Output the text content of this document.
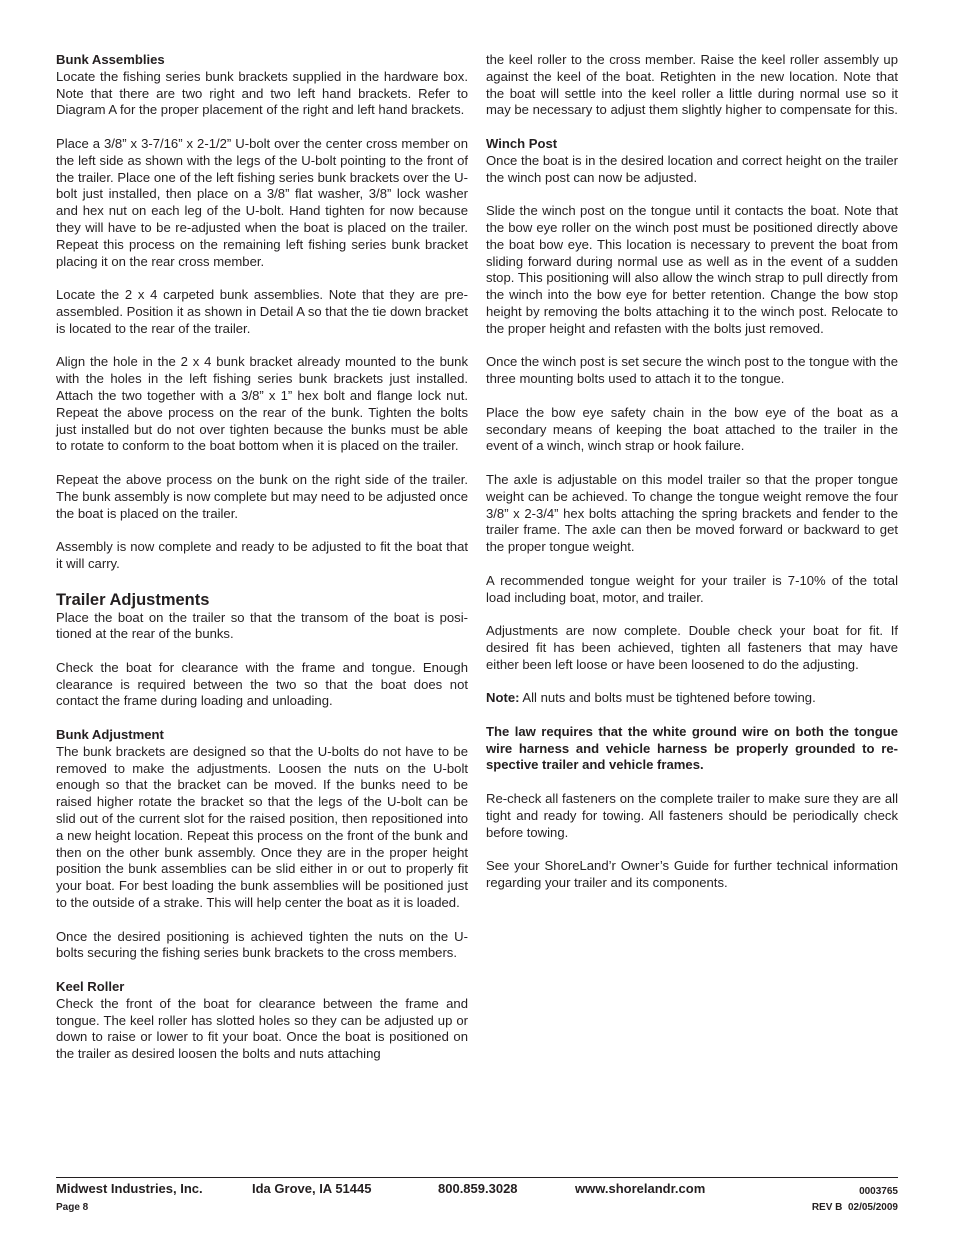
Bunk Assemblies
Locate the fishing series bunk brackets supplied in the hardware box. Note that there are two right and two left hand brackets. Refer to Diagram A for the proper placement of the right and left hand brackets.

Place a 3/8” x 3-7/16” x 2-1/2” U-bolt over the center cross member on the left side as shown with the legs of the U-bolt pointing to the front of the trailer. Place one of the left fishing series bunk brackets over the U-bolt just installed, then place on a 3/8” flat washer, 3/8” lock washer and hex nut on each leg of the U-bolt. Hand tighten for now because they will have to be re-adjusted when the boat is placed on the trailer. Repeat this process on the remaining left fishing series bunk bracket placing it on the rear cross member.

Locate the 2 x 4 carpeted bunk assemblies. Note that they are pre-assembled. Position it as shown in Detail A so that the tie down bracket is located to the rear of the trailer.

Align the hole in the 2 x 4 bunk bracket already mounted to the bunk with the holes in the left fishing series bunk brackets just installed. Attach the two together with a 3/8” x 1” hex bolt and flange lock nut. Repeat the above process on the rear of the bunk. Tighten the bolts just installed but do not over tighten because the bunks must be able to rotate to conform to the boat bottom when it is placed on the trailer.

Repeat the above process on the bunk on the right side of the trailer. The bunk assembly is now complete but may need to be adjusted once the boat is placed on the trailer.

Assembly is now complete and ready to be adjusted to fit the boat that it will carry.

Trailer Adjustments

Place the boat on the trailer so that the transom of the boat is positioned at the rear of the bunks.

Check the boat for clearance with the frame and tongue. Enough clearance is required between the two so that the boat does not contact the frame during loading and unloading.

Bunk Adjustment
The bunk brackets are designed so that the U-bolts do not have to be removed to make the adjustments. Loosen the nuts on the U-bolt enough so that the bracket can be moved. If the bunks need to be raised higher rotate the bracket so that the legs of the U-bolt can be slid out of the current slot for the raised position, then repositioned into a new height location. Repeat this process on the front of the bunk and then on the other bunk assembly. Once they are in the proper height position the bunk assemblies can be slid either in or out to properly fit your boat. For best loading the bunk assemblies will be positioned just to the outside of a strake. This will help center the boat as it is loaded.

Once the desired positioning is achieved tighten the nuts on the U-bolts securing the fishing series bunk brackets to the cross members.

Keel Roller
Check the front of the boat for clearance between the frame and tongue. The keel roller has slotted holes so they can be adjusted up or down to raise or lower to fit your boat. Once the boat is positioned on the trailer as desired loosen the bolts and nuts attaching

the keel roller to the cross member. Raise the keel roller assembly up against the keel of the boat. Retighten in the new location. Note that the boat will settle into the keel roller a little during normal use so it may be necessary to adjust them slightly higher to compensate for this.

Winch Post
Once the boat is in the desired location and correct height on the trailer the winch post can now be adjusted.

Slide the winch post on the tongue until it contacts the boat. Note that the bow eye roller on the winch post must be positioned directly above the boat bow eye. This location is necessary to prevent the boat from sliding forward during normal use as well as in the event of a sudden stop. This positioning will also allow the winch strap to pull directly from the winch into the bow eye for better retention. Change the bow stop height by removing the bolts attaching it to the winch post. Relocate to the proper height and refasten with the bolts just removed.

Once the winch post is set secure the winch post to the tongue with the three mounting bolts used to attach it to the tongue.

Place the bow eye safety chain in the bow eye of the boat as a secondary means of keeping the boat attached to the trailer in the event of a winch, winch strap or hook failure.

The axle is adjustable on this model trailer so that the proper tongue weight can be achieved. To change the tongue weight remove the four 3/8” x 2-3/4” hex bolts attaching the spring brackets and fender to the trailer frame. The axle can then be moved forward or backward to get the proper tongue weight.

A recommended tongue weight for your trailer is 7-10% of the total load including boat, motor, and trailer.

Adjustments are now complete. Double check your boat for fit. If desired fit has been achieved, tighten all fasteners that may have either been left loose or have been loosened to do the adjusting.

Note: All nuts and bolts must be tightened before towing.

The law requires that the white ground wire on both the tongue wire harness and vehicle harness be properly grounded to respective trailer and vehicle frames.

Re-check all fasteners on the complete trailer to make sure they are all tight and ready for towing. All fasteners should be periodically check before towing.

See your ShoreLand’r Owner’s Guide for further technical information regarding your trailer and its components.

Midwest Industries, Inc.	Ida Grove, IA 51445	800.859.3028	www.shorelandr.com	0003765
Page 8	REV B  02/05/2009
